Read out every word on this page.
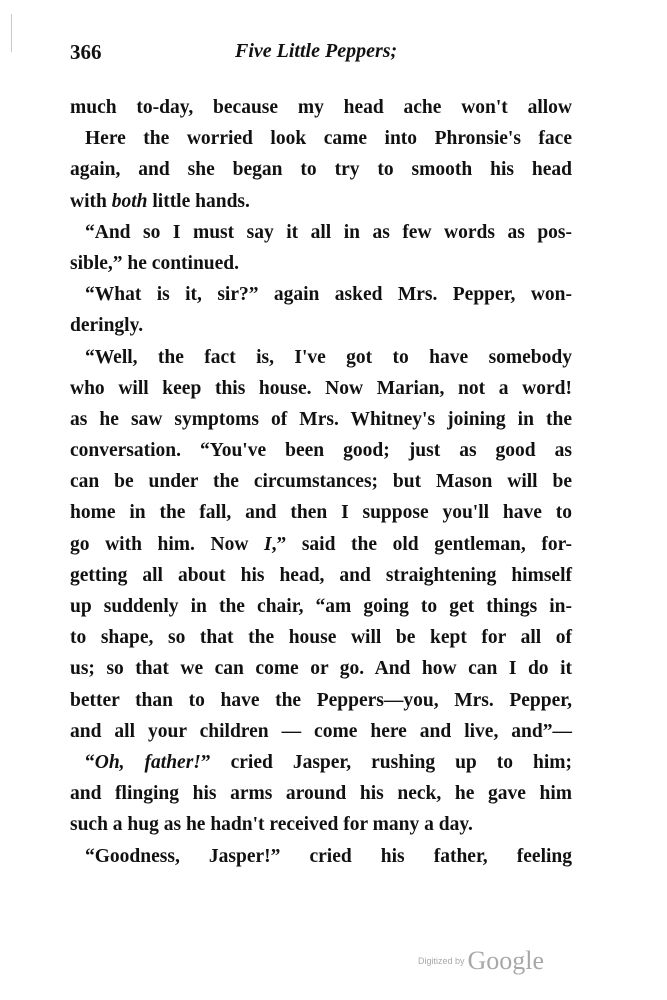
366	Five Little Peppers;
much to-day, because my head ache won't allow
Here the worried look came into Phronsie's face
again, and she began to try to smooth his head
with both little hands.
“And so I must say it all in as few words as pos-
sible,” he continued.
“What is it, sir?” again asked Mrs. Pepper, won-
deringly.
“Well, the fact is, I've got to have somebody
who will keep this house. Now Marian, not a word!
as he saw symptoms of Mrs. Whitney's joining in the
conversation. “You've been good; just as good as
can be under the circumstances; but Mason will be
home in the fall, and then I suppose you'll have to
go with him. Now I,” said the old gentleman, for-
getting all about his head, and straightening himself
up suddenly in the chair, “am going to get things in-
to shape, so that the house will be kept for all of
us; so that we can come or go. And how can I do it
better than to have the Peppers—you, Mrs. Pepper,
and all your children — come here and live, and”—
“Oh, father!” cried Jasper, rushing up to him;
and flinging his arms around his neck, he gave him
such a hug as he hadn't received for many a day.
“Goodness, Jasper!” cried his father, feeling
Digitized by Google
